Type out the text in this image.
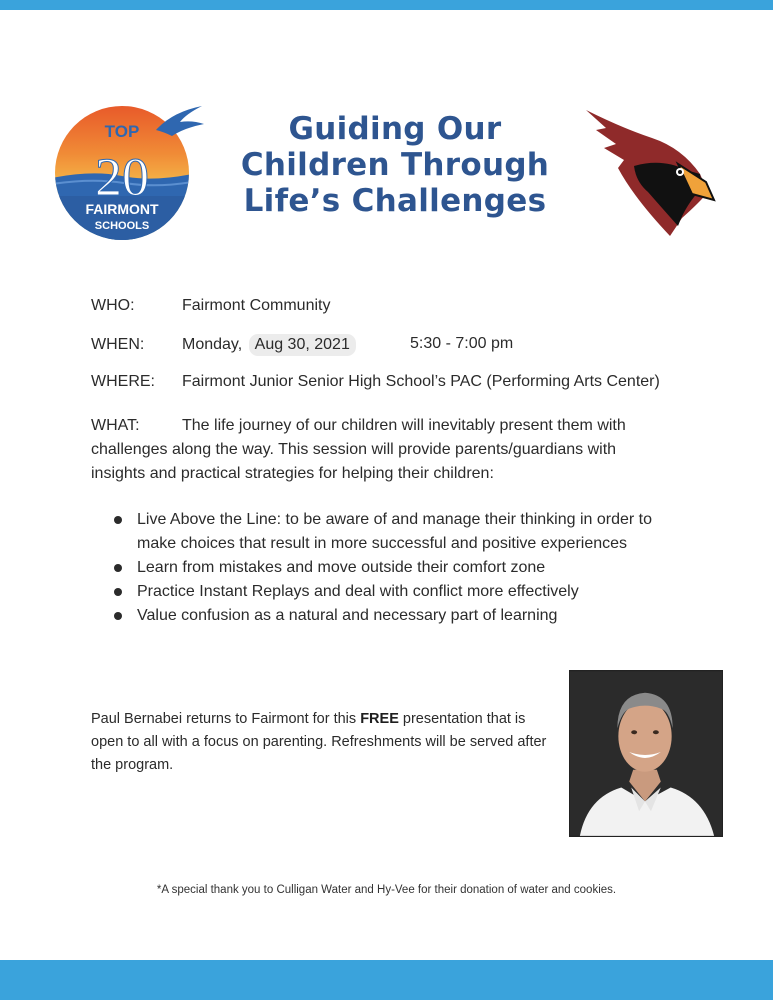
TOP
20
FAIRMONT
SCHOOLS
Guiding Our
Children Through
Life’s Challenges
WHO:	Fairmont Community
WHEN: Monday, Aug 30, 2021	5:30 - 7:00 pm
WHERE: Fairmont Junior Senior High School’s PAC (Performing Arts Center)
WHAT:	The life journey of our children will inevitably present them with challenges along the way. This session will provide parents/guardians with insights and practical strategies for helping their children:
Live Above the Line: to be aware of and manage their thinking in order to make choices that result in more successful and positive experiences
Learn from mistakes and move outside their comfort zone
Practice Instant Replays and deal with conflict more effectively
Value confusion as a natural and necessary part of learning
Paul Bernabei returns to Fairmont for this FREE presentation that is open to all with a focus on parenting. Refreshments will be served after the program.
*A special thank you to Culligan Water and Hy-Vee for their donation of water and cookies.
